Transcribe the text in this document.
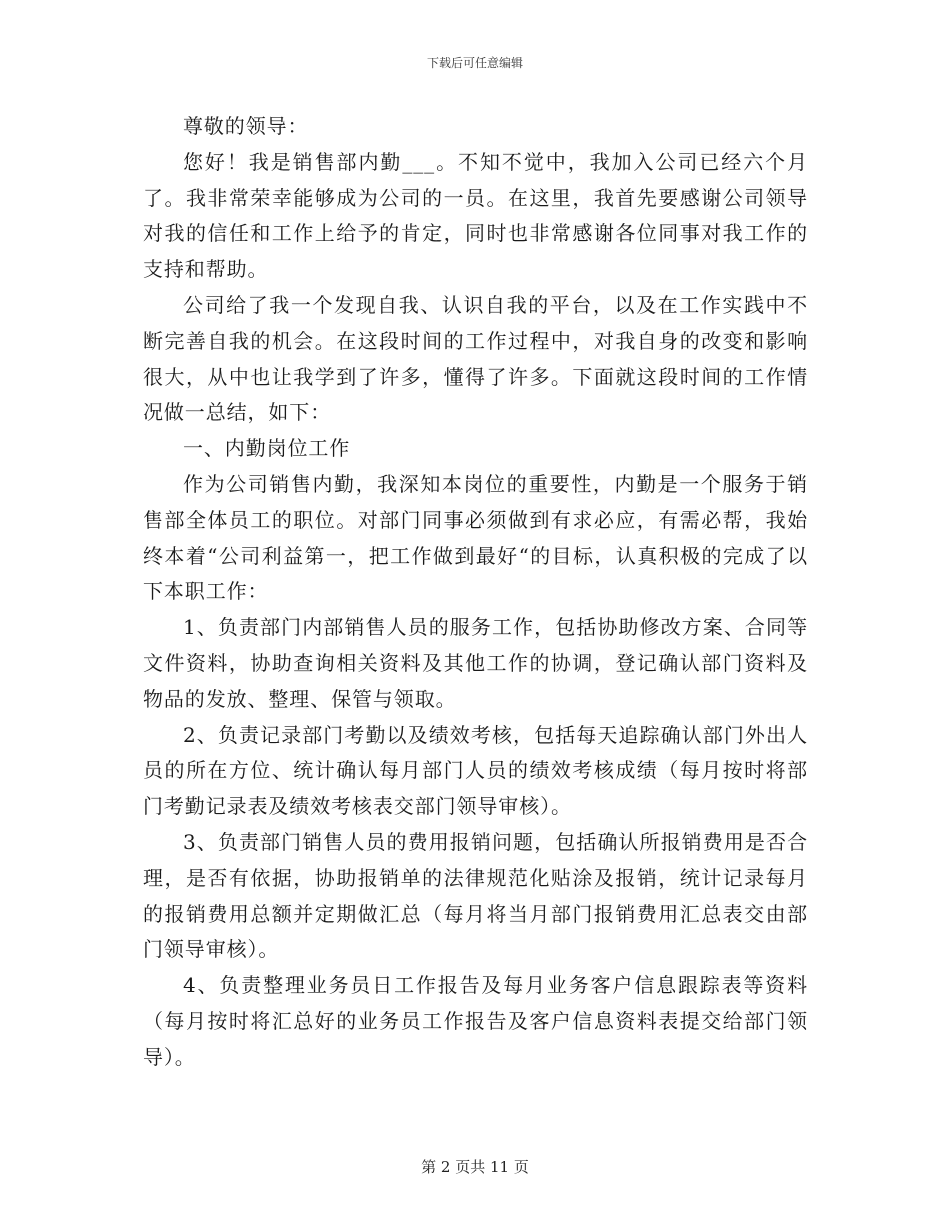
下载后可任意编辑

尊敬的领导：

您好！我是销售部内勤___。不知不觉中，我加入公司已经六个月了。我非常荣幸能够成为公司的一员。在这里，我首先要感谢公司领导对我的信任和工作上给予的肯定，同时也非常感谢各位同事对我工作的支持和帮助。

公司给了我一个发现自我、认识自我的平台，以及在工作实践中不断完善自我的机会。在这段时间的工作过程中，对我自身的改变和影响很大，从中也让我学到了许多，懂得了许多。下面就这段时间的工作情况做一总结，如下：

一、内勤岗位工作

作为公司销售内勤，我深知本岗位的重要性，内勤是一个服务于销售部全体员工的职位。对部门同事必须做到有求必应，有需必帮，我始终本着“公司利益第一，把工作做到最好“的目标，认真积极的完成了以下本职工作：

1、负责部门内部销售人员的服务工作，包括协助修改方案、合同等文件资料，协助查询相关资料及其他工作的协调，登记确认部门资料及物品的发放、整理、保管与领取。

2、负责记录部门考勤以及绩效考核，包括每天追踪确认部门外出人员的所在方位、统计确认每月部门人员的绩效考核成绩（每月按时将部门考勤记录表及绩效考核表交部门领导审核）。

3、负责部门销售人员的费用报销问题，包括确认所报销费用是否合理，是否有依据，协助报销单的法律规范化贴涂及报销，统计记录每月的报销费用总额并定期做汇总（每月将当月部门报销费用汇总表交由部门领导审核）。

4、负责整理业务员日工作报告及每月业务客户信息跟踪表等资料（每月按时将汇总好的业务员工作报告及客户信息资料表提交给部门领导）。

第 2 页共 11 页
